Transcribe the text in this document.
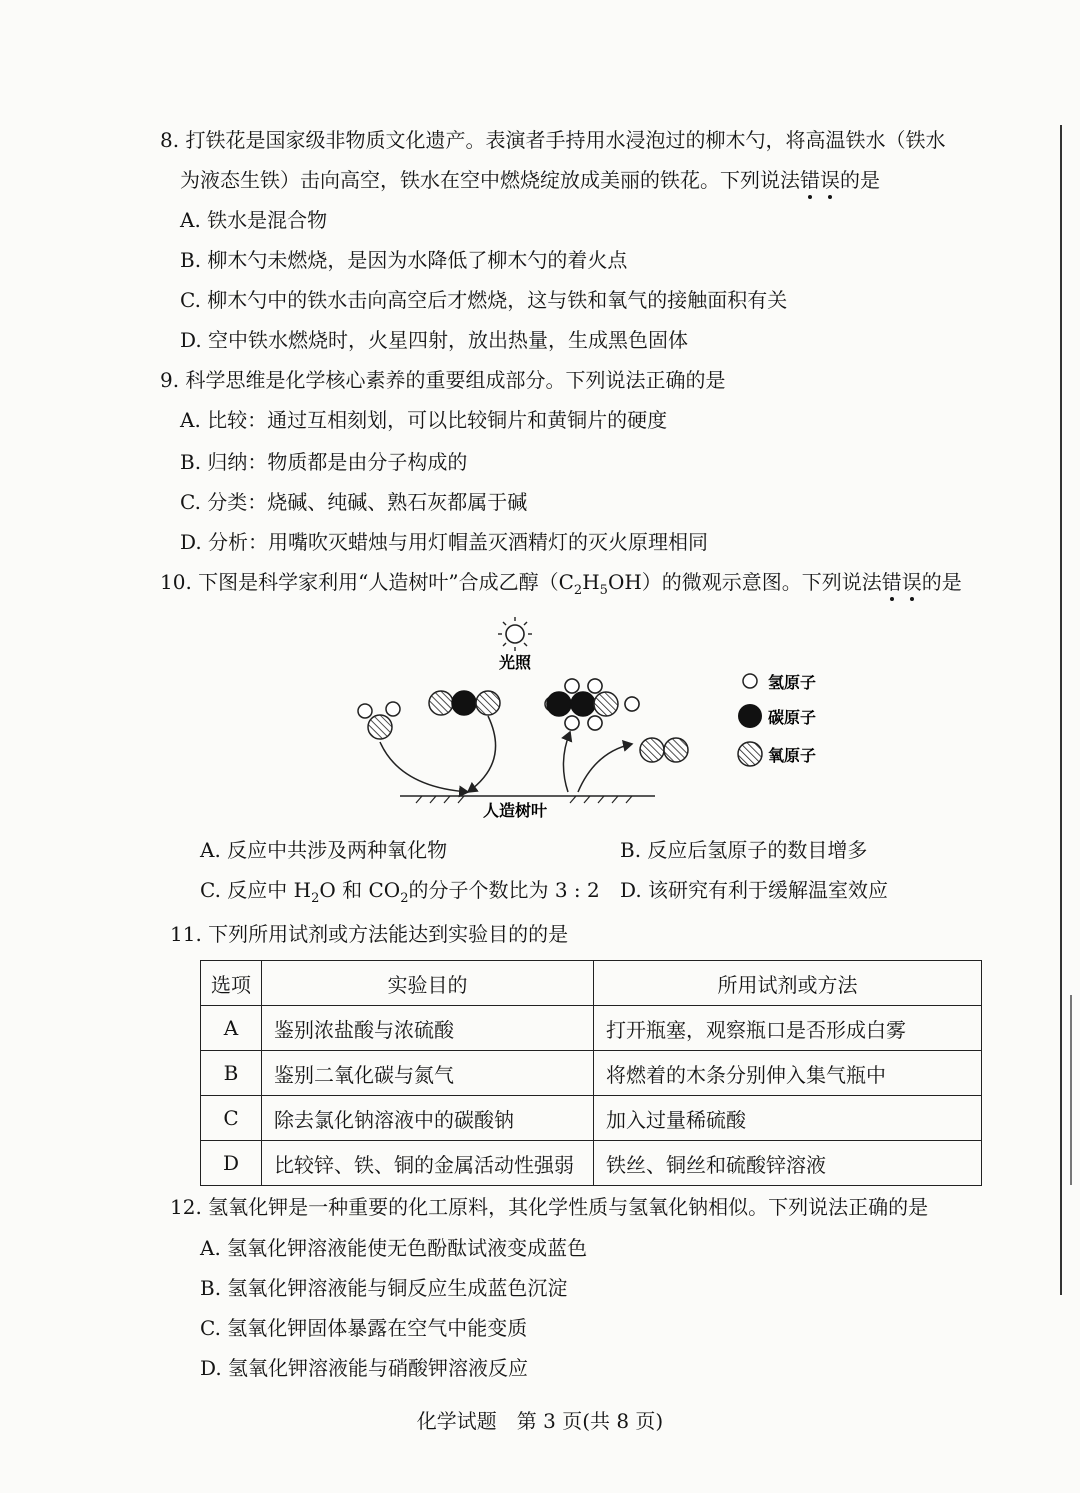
8. 打铁花是国家级非物质文化遗产。表演者手持用水浸泡过的柳木勺，将高温铁水（铁水
为液态生铁）击向高空，铁水在空中燃烧绽放成美丽的铁花。下列说法错误的是
A. 铁水是混合物
B. 柳木勺未燃烧，是因为水降低了柳木勺的着火点
C. 柳木勺中的铁水击向高空后才燃烧，这与铁和氧气的接触面积有关
D. 空中铁水燃烧时，火星四射，放出热量，生成黑色固体
9. 科学思维是化学核心素养的重要组成部分。下列说法正确的是
A. 比较：通过互相刻划，可以比较铜片和黄铜片的硬度
B. 归纳：物质都是由分子构成的
C. 分类：烧碱、纯碱、熟石灰都属于碱
D. 分析：用嘴吹灭蜡烛与用灯帽盖灭酒精灯的灭火原理相同
10. 下图是科学家利用“人造树叶”合成乙醇$(C_2H_5OH)$的微观示意图。下列说法错误的是
光照
人造树叶
氢原子
碳原子
氧原子
A. 反应中共涉及两种氧化物	B. 反应后氢原子的数目增多
C. 反应中 $H_2O$ 和 $CO_2$的分子个数比为 3 : 2 D. 该研究有利于缓解温室效应
11. 下列所用试剂或方法能达到实验目的的是
选项	实验目的	所用试剂或方法
A	鉴别浓盐酸与浓硫酸	打开瓶塞，观察瓶口是否形成白雾
B	鉴别二氧化碳与氮气	将燃着的木条分别伸入集气瓶中
C	除去氯化钠溶液中的碳酸钠	加入过量稀硫酸
D	比较锌、铁、铜的金属活动性强弱	铁丝、铜丝和硫酸锌溶液
12. 氢氧化钾是一种重要的化工原料，其化学性质与氢氧化钠相似。下列说法正确的是
A. 氢氧化钾溶液能使无色酚酞试液变成蓝色
B. 氢氧化钾溶液能与铜反应生成蓝色沉淀
C. 氢氧化钾固体暴露在空气中能变质
D. 氢氧化钾溶液能与硝酸钾溶液反应
化学试题　第 3 页(共 8 页)
